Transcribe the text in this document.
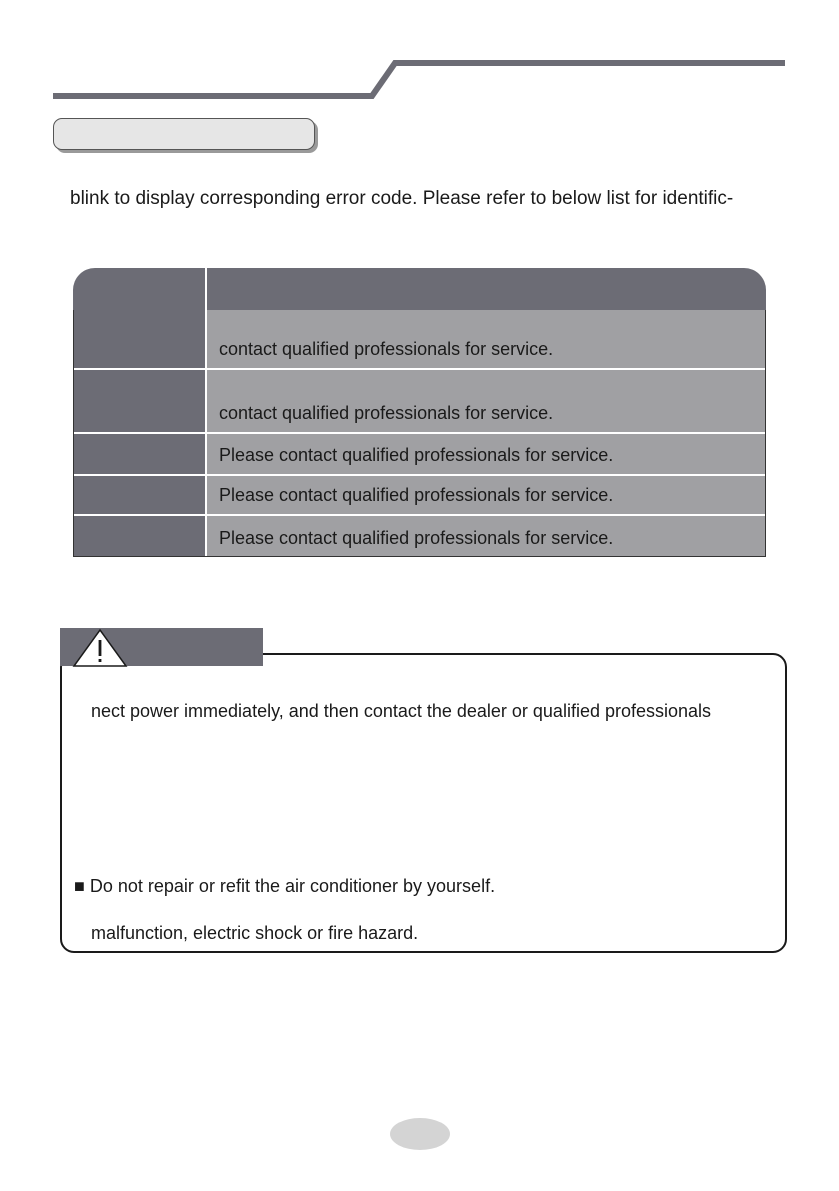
blink to display corresponding error code. Please refer to below list for identific-
contact qualified professionals for service.
contact qualified professionals for service.
Please contact qualified professionals for service.
Please contact qualified professionals for service.
Please contact qualified professionals for service.
nect power immediately, and then contact the dealer or qualified professionals
■ Do not repair or refit the air conditioner by yourself.
malfunction, electric shock or fire hazard.
